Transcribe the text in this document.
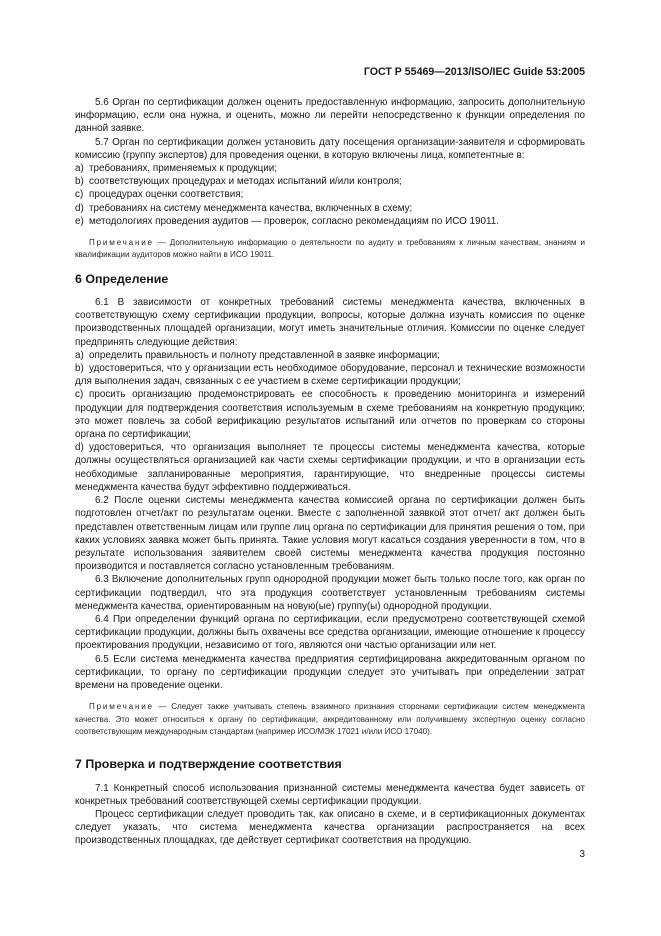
ГОСТ Р 55469—2013/ISO/IEC Guide 53:2005

5.6 Орган по сертификации должен оценить предоставленную информацию, запросить дополнительную информацию, если она нужна, и оценить, можно ли перейти непосредственно к функции определения по данной заявке.

5.7 Орган по сертификации должен установить дату посещения организации-заявителя и сформировать комиссию (группу экспертов) для проведения оценки, в которую включены лица, компетентные в:

a) требованиях, применяемых к продукции;

b) соответствующих процедурах и методах испытаний и/или контроля;

c) процедурах оценки соответствия;

d) требованиях на систему менеджмента качества, включенных в схему;

e) методологиях проведения аудитов — проверок, согласно рекомендациям по ИСО 19011.

Примечание — Дополнительную информацию о деятельности по аудиту и требованиям к личным качествам, знаниям и квалификации аудиторов можно найти в ИСО 19011.

6 Определение

6.1 В зависимости от конкретных требований системы менеджмента качества, включенных в соответствующую схему сертификации продукции, вопросы, которые должна изучать комиссия по оценке производственных площадей организации, могут иметь значительные отличия. Комиссии по оценке следует предпринять следующие действия:

a) определить правильность и полноту представленной в заявке информации;

b) удостовериться, что у организации есть необходимое оборудование, персонал и технические возможности для выполнения задач, связанных с ее участием в схеме сертификации продукции;

c) просить организацию продемонстрировать ее способность к проведению мониторинга и измерений продукции для подтверждения соответствия используемым в схеме требованиям на конкретную продукцию; это может повлечь за собой верификацию результатов испытаний или отчетов по проверкам со стороны органа по сертификации;

d) удостовериться, что организация выполняет те процессы системы менеджмента качества, которые должны осуществляться организацией как части схемы сертификации продукции, и что в организации есть необходимые запланированные мероприятия, гарантирующие, что внедренные процессы системы менеджмента качества будут эффективно поддерживаться.

6.2 После оценки системы менеджмента качества комиссией органа по сертификации должен быть подготовлен отчет/акт по результатам оценки. Вместе с заполненной заявкой этот отчет/ акт должен быть представлен ответственным лицам или группе лиц органа по сертификации для принятия решения о том, при каких условиях заявка может быть принята. Такие условия могут касаться создания уверенности в том, что в результате использования заявителем своей системы менеджмента качества продукция постоянно производится и поставляется согласно установленным требованиям.

6.3 Включение дополнительных групп однородной продукции может быть только после того, как орган по сертификации подтвердил, что эта продукция соответствует установленным требованиям системы менеджмента качества, ориентированным на новую(ые) группу(ы) однородной продукции.

6.4 При определении функций органа по сертификации, если предусмотрено соответствующей схемой сертификации продукции, должны быть охвачены все средства организации, имеющие отношение к процессу проектирования продукции, независимо от того, являются они частью организации или нет.

6.5 Если система менеджмента качества предприятия сертифицирована аккредитованным органом по сертификации, то органу по сертификации продукции следует это учитывать при определении затрат времени на проведение оценки.

Примечание — Следует также учитывать степень взаимного признания сторонами сертификации систем менеджмента качества. Это может относиться к органу по сертификации, аккредитованному или получившему экспертную оценку согласно соответствующим международным стандартам (например ИСО/МЭК 17021 и/или ИСО 17040).

7 Проверка и подтверждение соответствия

7.1 Конкретный способ использования признанной системы менеджмента качества будет зависеть от конкретных требований соответствующей схемы сертификации продукции.

Процесс сертификации следует проводить так, как описано в схеме, и в сертификационных документах следует указать, что система менеджмента качества организации распространяется на всех производственных площадках, где действует сертификат соответствия на продукцию.

3
